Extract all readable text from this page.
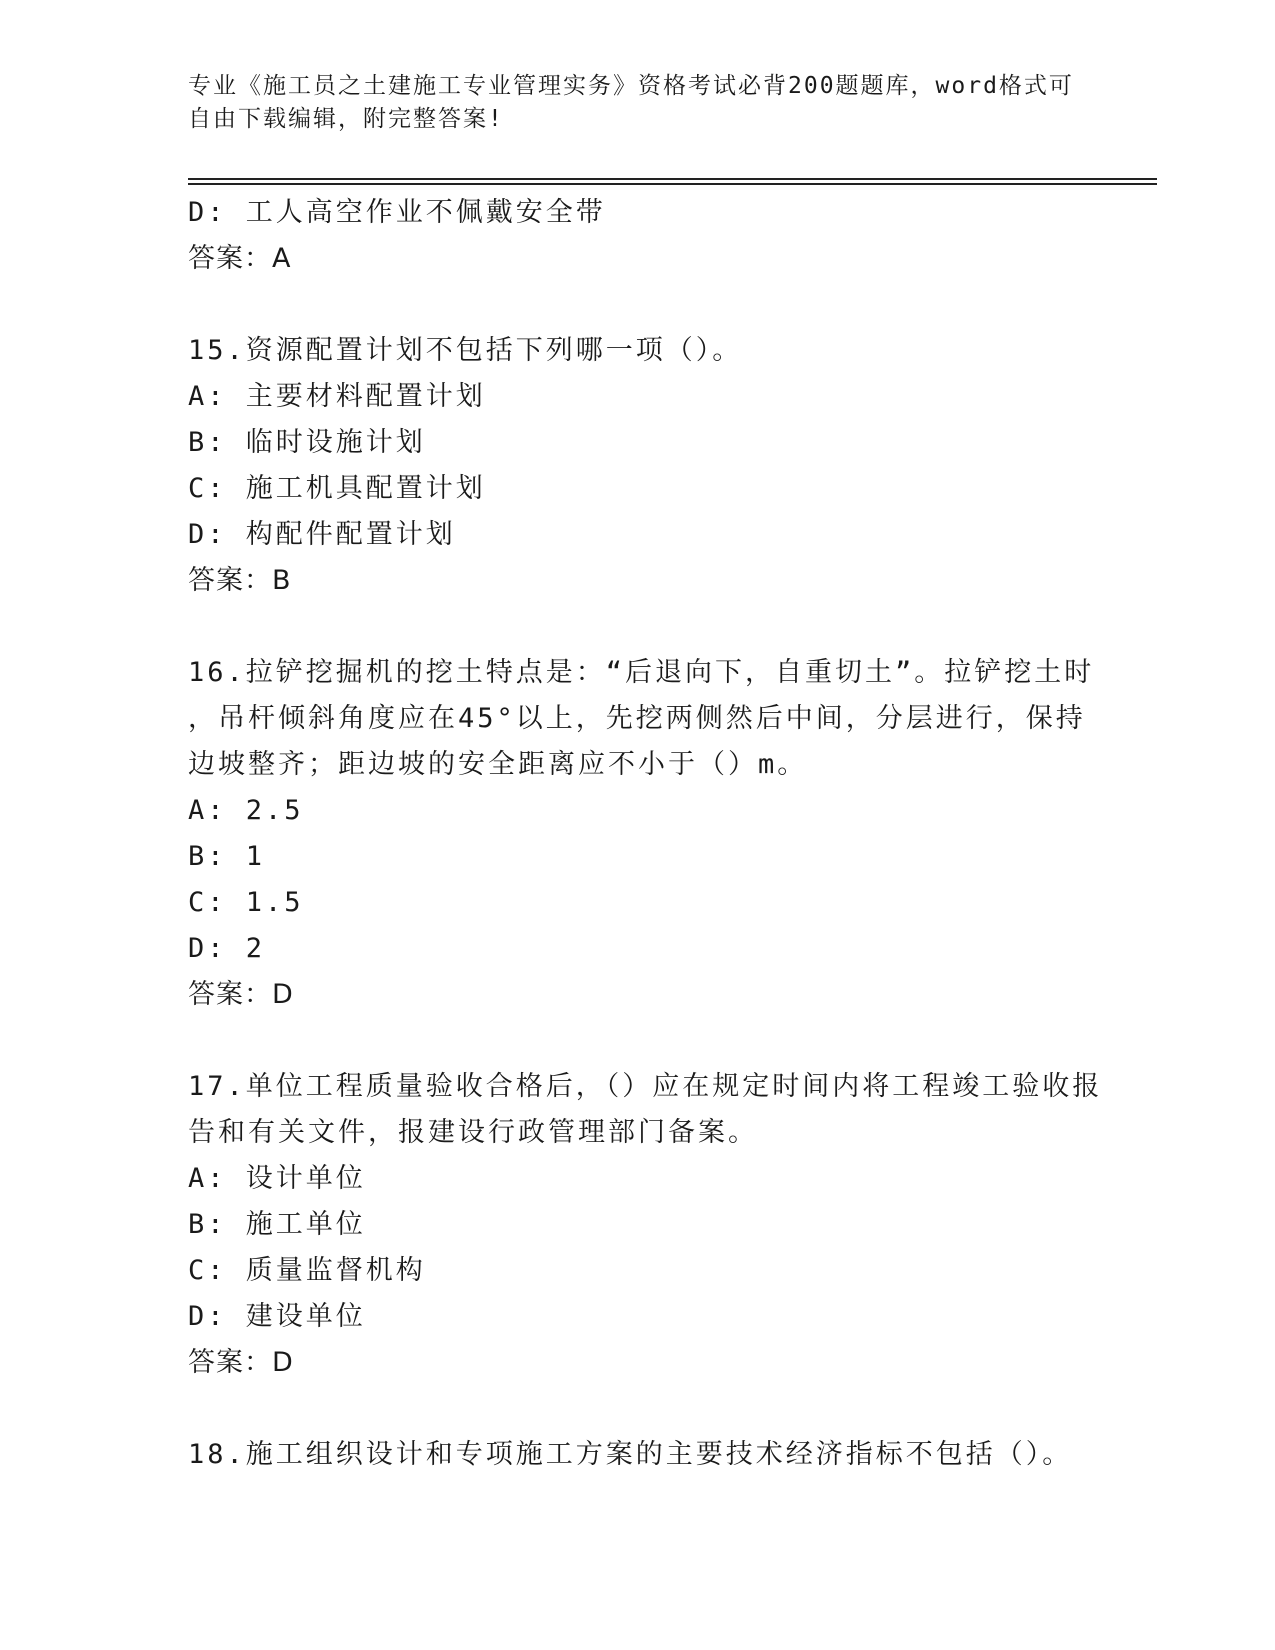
专业《施工员之土建施工专业管理实务》资格考试必背200题题库，word格式可
自由下载编辑，附完整答案!
D: 工人高空作业不佩戴安全带
答案：A
15.资源配置计划不包括下列哪一项（）。
A: 主要材料配置计划
B: 临时设施计划
C: 施工机具配置计划
D: 构配件配置计划
答案：B
16.拉铲挖掘机的挖土特点是：“后退向下，自重切土”。拉铲挖土时
，吊杆倾斜角度应在45°以上，先挖两侧然后中间，分层进行，保持
边坡整齐；距边坡的安全距离应不小于（）m。
A: 2.5
B: 1
C: 1.5
D: 2
答案：D
17.单位工程质量验收合格后，（）应在规定时间内将工程竣工验收报
告和有关文件，报建设行政管理部门备案。
A: 设计单位
B: 施工单位
C: 质量监督机构
D: 建设单位
答案：D
18.施工组织设计和专项施工方案的主要技术经济指标不包括（）。
